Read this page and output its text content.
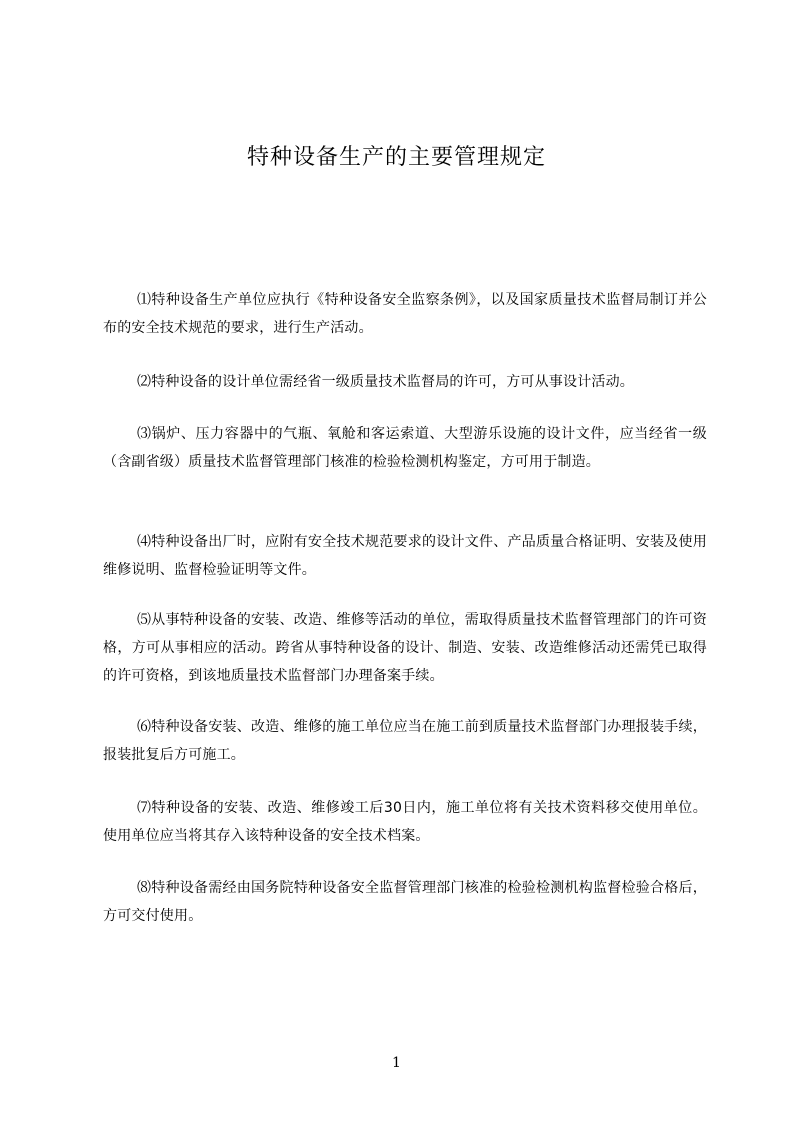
特种设备生产的主要管理规定

⑴特种设备生产单位应执行《特种设备安全监察条例》，以及国家质量技术监督局制订并公布的安全技术规范的要求，进行生产活动。

⑵特种设备的设计单位需经省一级质量技术监督局的许可，方可从事设计活动。

⑶锅炉、压力容器中的气瓶、氧舱和客运索道、大型游乐设施的设计文件，应当经省一级（含副省级）质量技术监督管理部门核准的检验检测机构鉴定，方可用于制造。

⑷特种设备出厂时，应附有安全技术规范要求的设计文件、产品质量合格证明、安装及使用维修说明、监督检验证明等文件。

⑸从事特种设备的安装、改造、维修等活动的单位，需取得质量技术监督管理部门的许可资格，方可从事相应的活动。跨省从事特种设备的设计、制造、安装、改造维修活动还需凭已取得的许可资格，到该地质量技术监督部门办理备案手续。

⑹特种设备安装、改造、维修的施工单位应当在施工前到质量技术监督部门办理报装手续，报装批复后方可施工。

⑺特种设备的安装、改造、维修竣工后30日内，施工单位将有关技术资料移交使用单位。使用单位应当将其存入该特种设备的安全技术档案。

⑻特种设备需经由国务院特种设备安全监督管理部门核准的检验检测机构监督检验合格后，方可交付使用。

1
